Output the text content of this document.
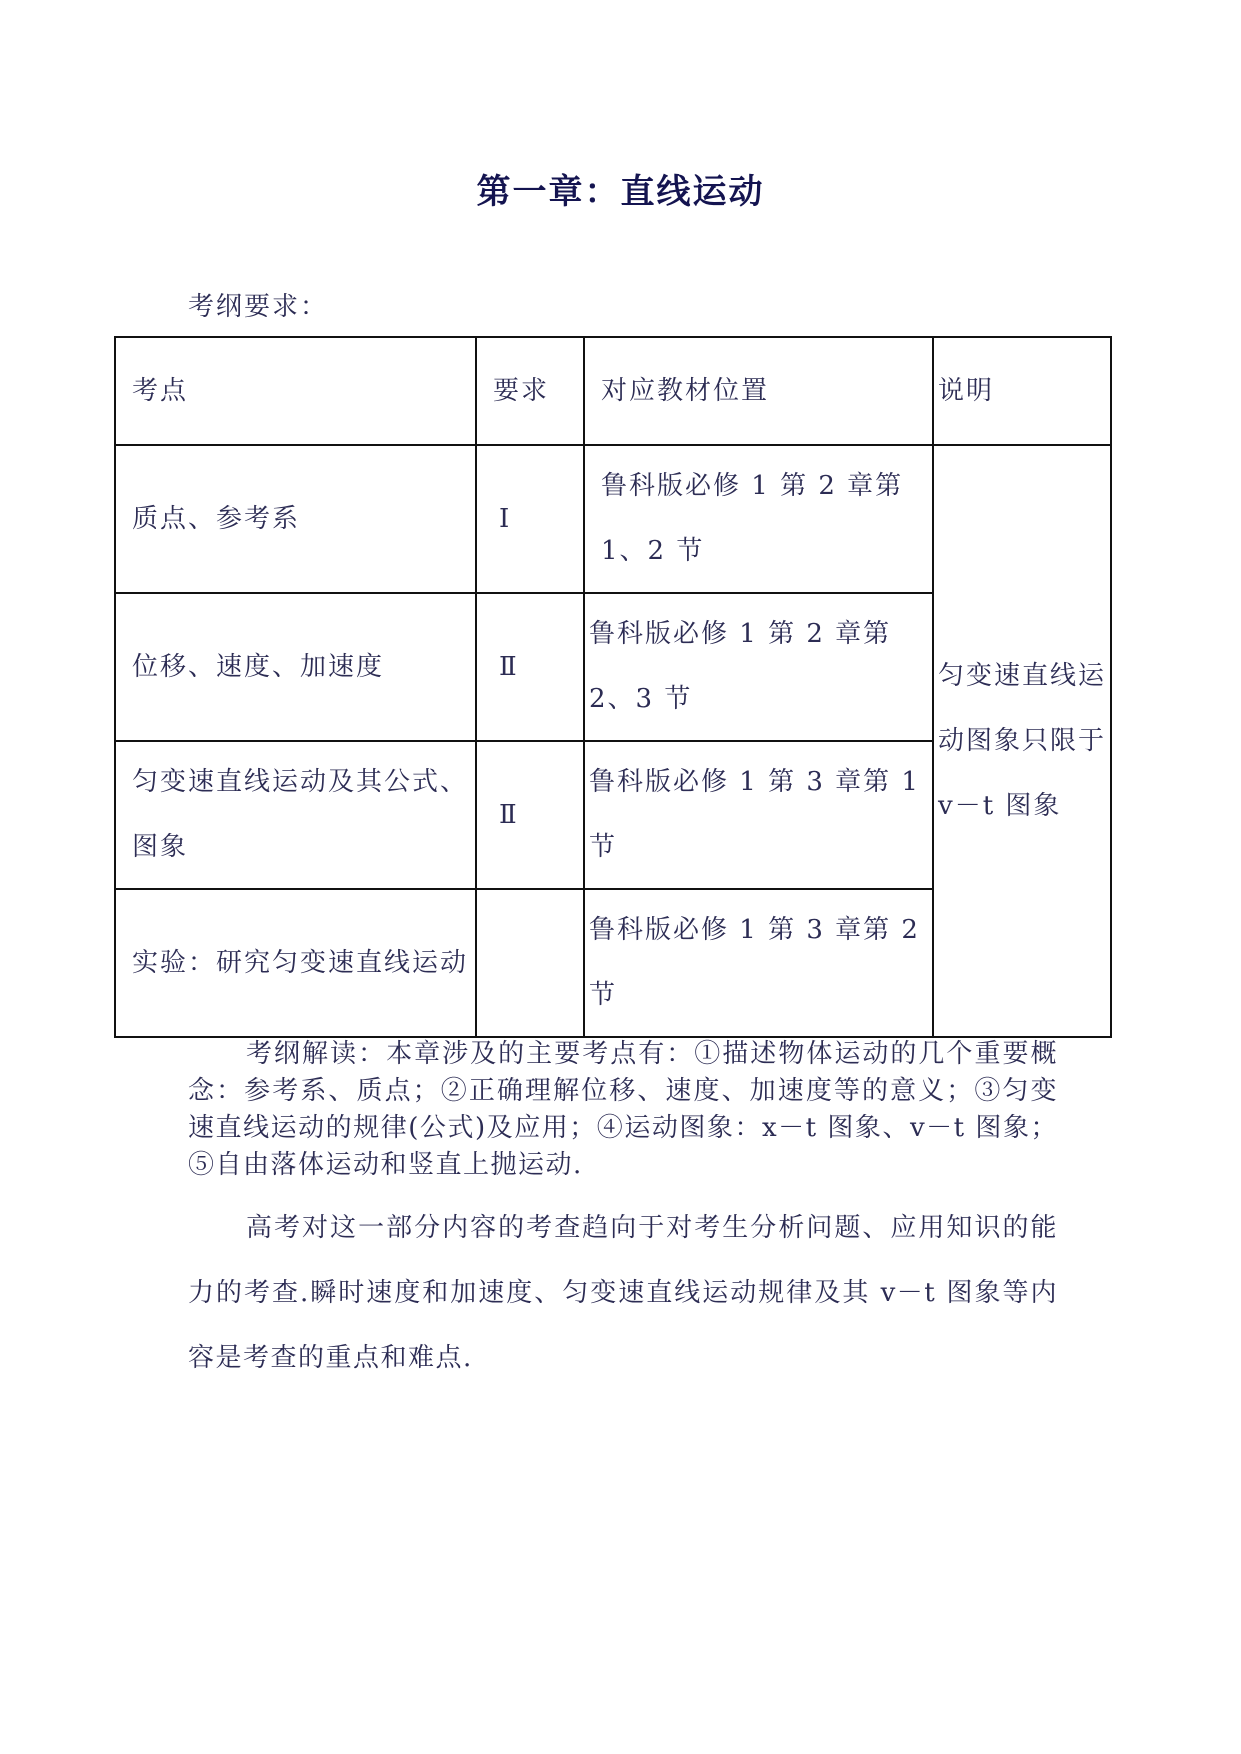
第一章：直线运动
考纲要求：
考点	要求	对应教材位置	说明
质点、参考系	Ⅰ	鲁科版必修 1 第 2 章第 1、2 节	匀变速直线运动图象只限于 v－t 图象
位移、速度、加速度	Ⅱ	鲁科版必修 1 第 2 章第 2、3 节	
匀变速直线运动及其公式、图象	Ⅱ	鲁科版必修 1 第 3 章第 1 节	
实验：研究匀变速直线运动		鲁科版必修 1 第 3 章第 2 节	
考纲解读：本章涉及的主要考点有：①描述物体运动的几个重要概念：参考系、质点；②正确理解位移、速度、加速度等的意义；③匀变速直线运动的规律(公式)及应用；④运动图象：x－t 图象、v－t 图象；⑤自由落体运动和竖直上抛运动.
高考对这一部分内容的考查趋向于对考生分析问题、应用知识的能力的考查.瞬时速度和加速度、匀变速直线运动规律及其 v－t 图象等内容是考查的重点和难点.
